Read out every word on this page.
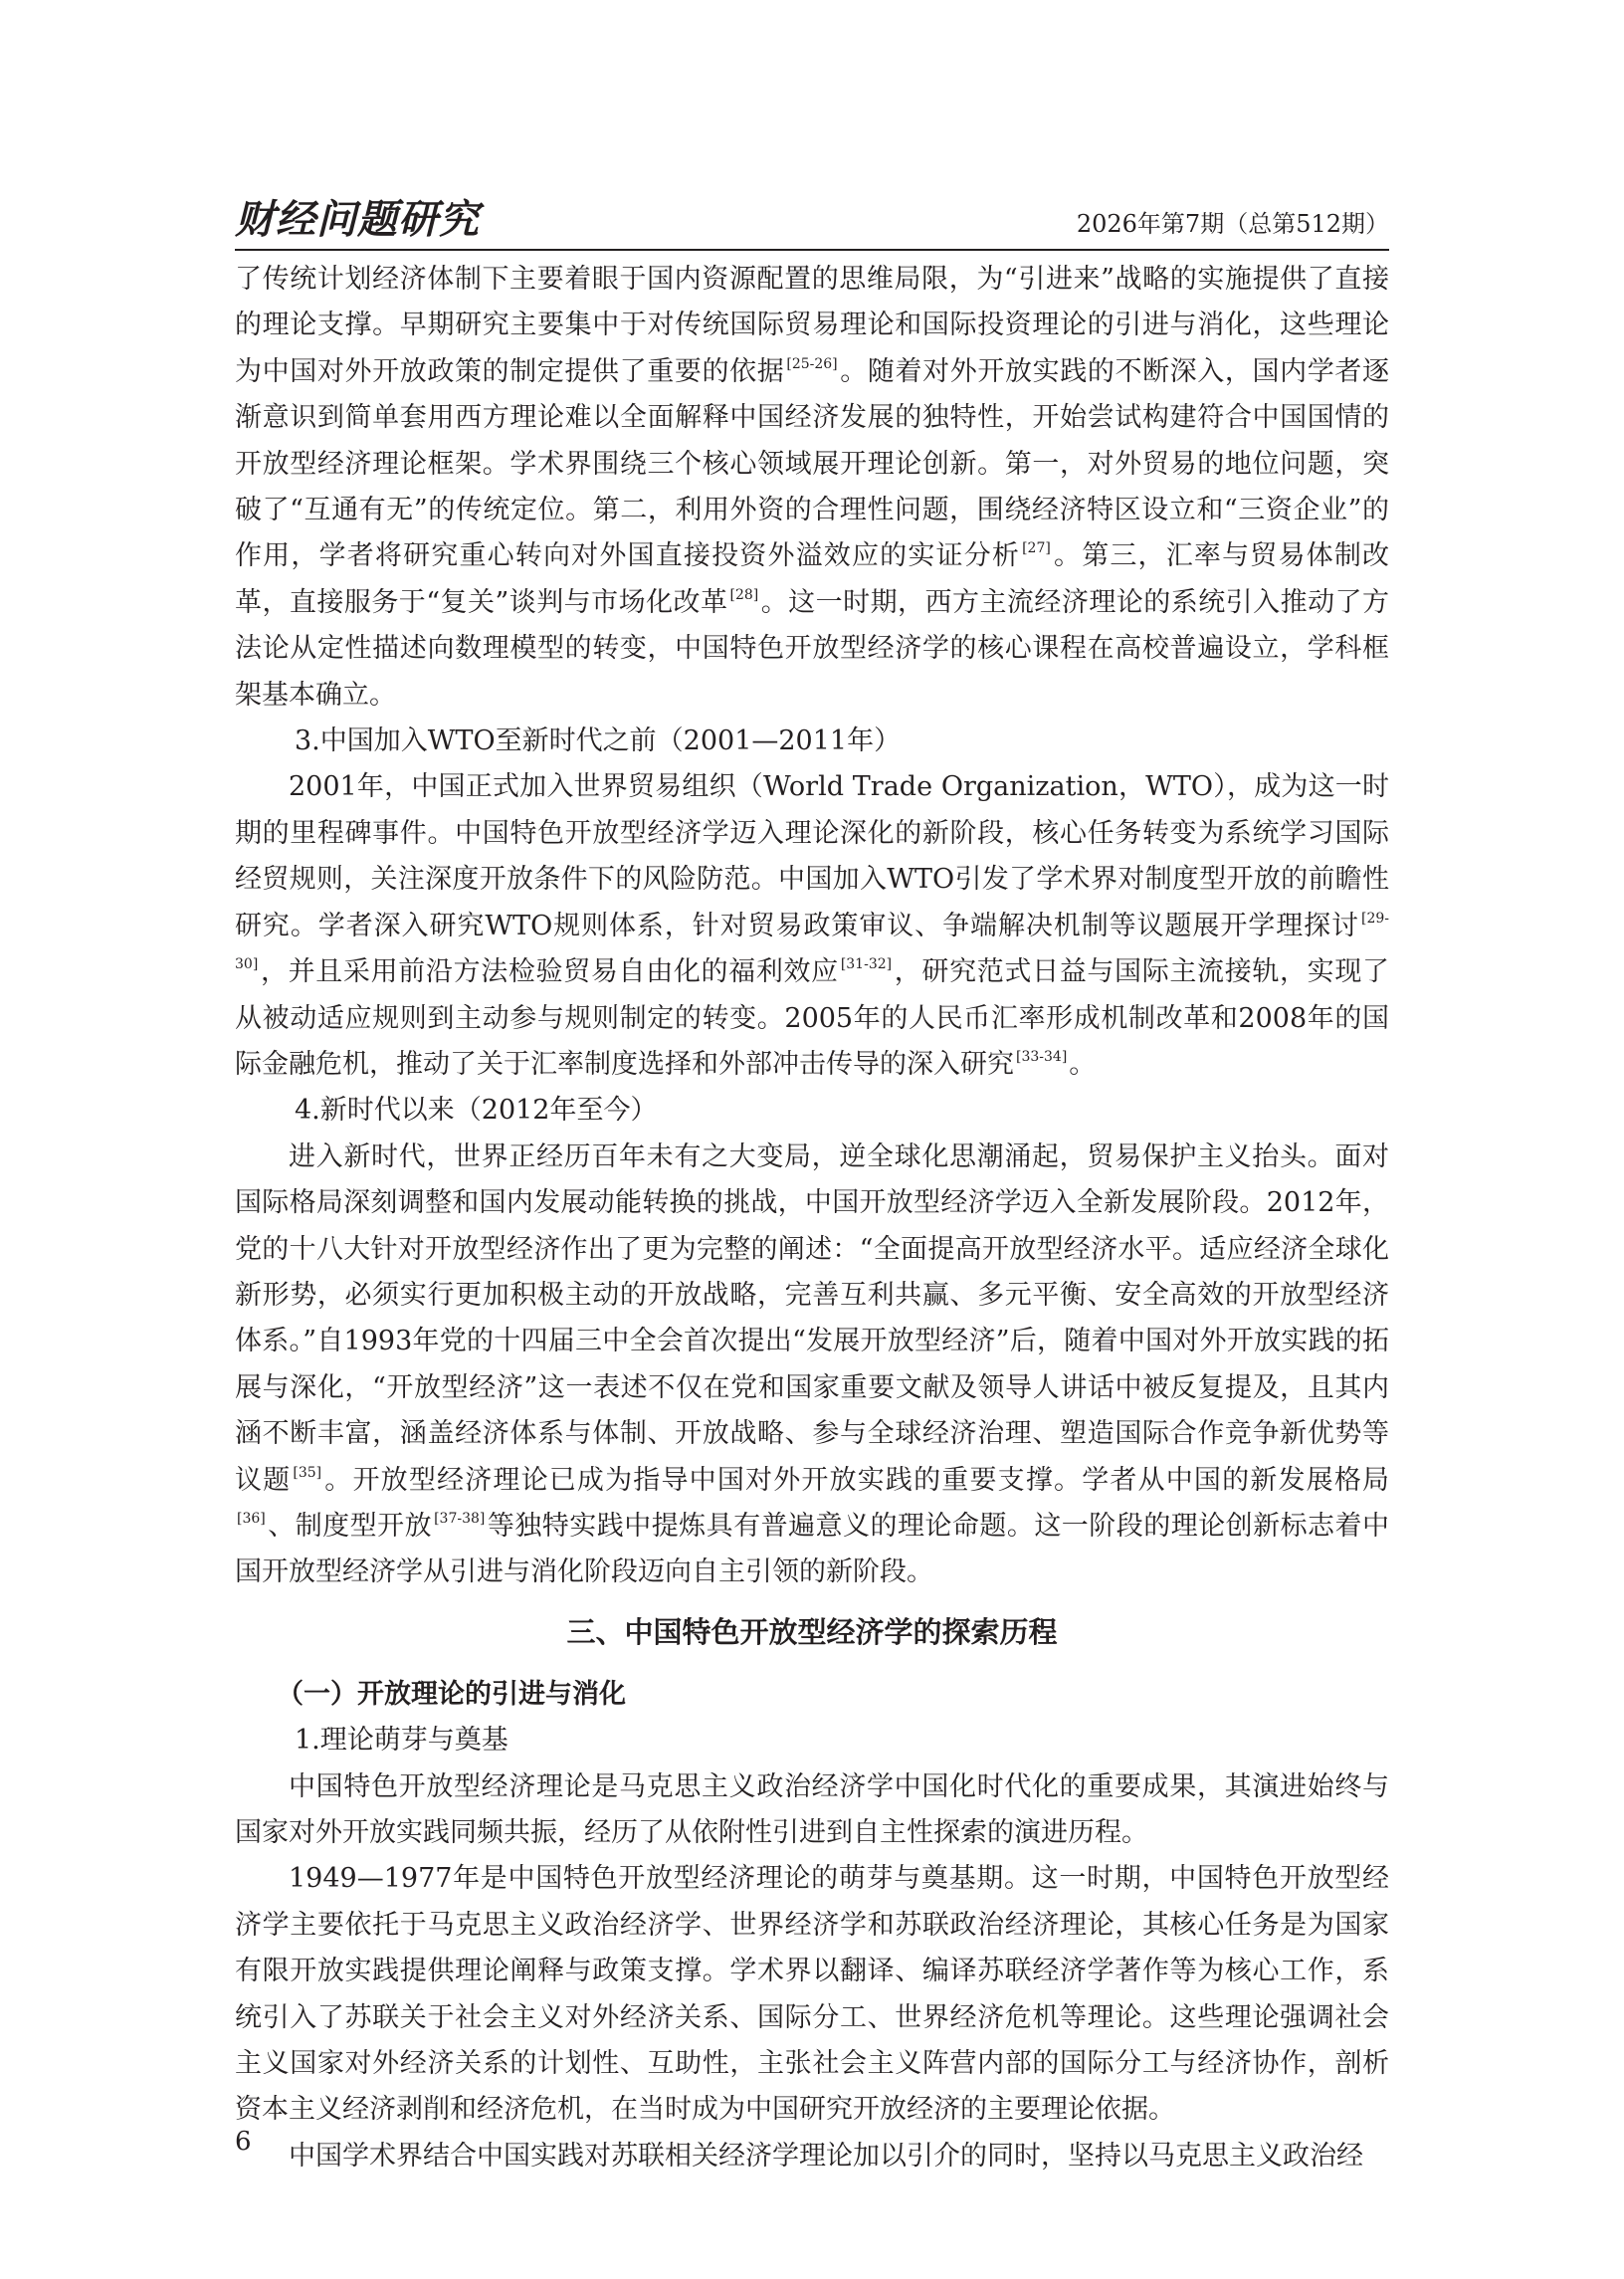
财经问题研究	2026年第7期（总第512期）

了传统计划经济体制下主要着眼于国内资源配置的思维局限，为“引进来”战略的实施提供了直接的理论支撑。早期研究主要集中于对传统国际贸易理论和国际投资理论的引进与消化，这些理论为中国对外开放政策的制定提供了重要的依据 [25-26]。随着对外开放实践的不断深入，国内学者逐渐意识到简单套用西方理论难以全面解释中国经济发展的独特性，开始尝试构建符合中国国情的开放型经济理论框架。学术界围绕三个核心领域展开理论创新。第一，对外贸易的地位问题，突破了“互通有无”的传统定位。第二，利用外资的合理性问题，围绕经济特区设立和“三资企业”的作用，学者将研究重心转向对外国直接投资外溢效应的实证分析 [27]。第三，汇率与贸易体制改革，直接服务于“复关”谈判与市场化改革 [28]。这一时期，西方主流经济理论的系统引入推动了方法论从定性描述向数理模型的转变，中国特色开放型经济学的核心课程在高校普遍设立，学科框架基本确立。

3.中国加入WTO至新时代之前（2001—2011年）

2001年，中国正式加入世界贸易组织（World Trade Organization，WTO），成为这一时期的里程碑事件。中国特色开放型经济学迈入理论深化的新阶段，核心任务转变为系统学习国际经贸规则，关注深度开放条件下的风险防范。中国加入WTO引发了学术界对制度型开放的前瞻性研究。学者深入研究WTO规则体系，针对贸易政策审议、争端解决机制等议题展开学理探讨 [29-30]，并且采用前沿方法检验贸易自由化的福利效应 [31-32]，研究范式日益与国际主流接轨，实现了从被动适应规则到主动参与规则制定的转变。2005年的人民币汇率形成机制改革和2008年的国际金融危机，推动了关于汇率制度选择和外部冲击传导的深入研究 [33-34]。

4.新时代以来（2012年至今）

进入新时代，世界正经历百年未有之大变局，逆全球化思潮涌起，贸易保护主义抬头。面对国际格局深刻调整和国内发展动能转换的挑战，中国开放型经济学迈入全新发展阶段。2012年，党的十八大针对开放型经济作出了更为完整的阐述：“全面提高开放型经济水平。适应经济全球化新形势，必须实行更加积极主动的开放战略，完善互利共赢、多元平衡、安全高效的开放型经济体系。”自1993年党的十四届三中全会首次提出“发展开放型经济”后，随着中国对外开放实践的拓展与深化，“开放型经济”这一表述不仅在党和国家重要文献及领导人讲话中被反复提及，且其内涵不断丰富，涵盖经济体系与体制、开放战略、参与全球经济治理、塑造国际合作竞争新优势等议题 [35]。开放型经济理论已成为指导中国对外开放实践的重要支撑。学者从中国的新发展格局[36]、制度型开放 [37-38]等独特实践中提炼具有普遍意义的理论命题。这一阶段的理论创新标志着中国开放型经济学从引进与消化阶段迈向自主引领的新阶段。

三、中国特色开放型经济学的探索历程

（一）开放理论的引进与消化

1.理论萌芽与奠基

中国特色开放型经济理论是马克思主义政治经济学中国化时代化的重要成果，其演进始终与国家对外开放实践同频共振，经历了从依附性引进到自主性探索的演进历程。

1949—1977年是中国特色开放型经济理论的萌芽与奠基期。这一时期，中国特色开放型经济学主要依托于马克思主义政治经济学、世界经济学和苏联政治经济理论，其核心任务是为国家有限开放实践提供理论阐释与政策支撑。学术界以翻译、编译苏联经济学著作等为核心工作，系统引入了苏联关于社会主义对外经济关系、国际分工、世界经济危机等理论。这些理论强调社会主义国家对外经济关系的计划性、互助性，主张社会主义阵营内部的国际分工与经济协作，剖析资本主义经济剥削和经济危机，在当时成为中国研究开放经济的主要理论依据。

中国学术界结合中国实践对苏联相关经济学理论加以引介的同时，坚持以马克思主义政治经

6
